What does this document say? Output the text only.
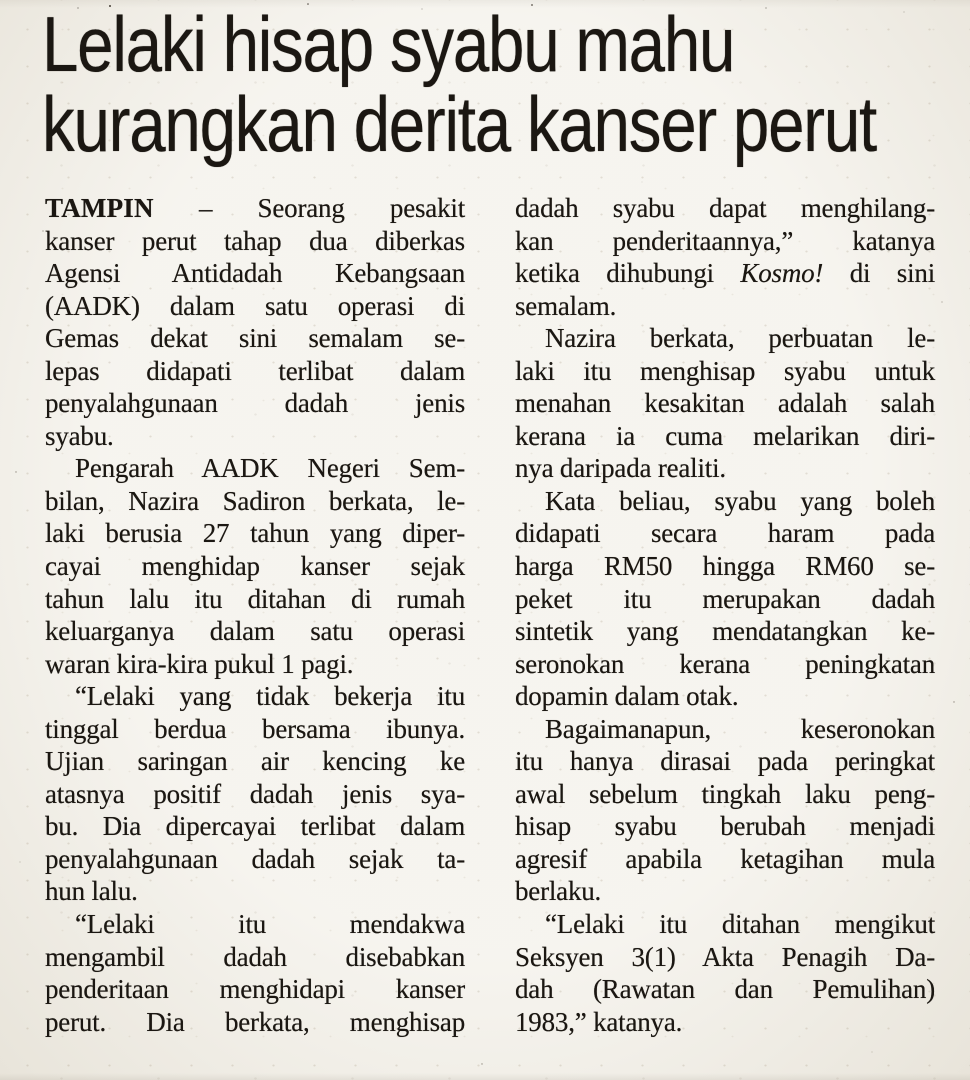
Lelaki hisap syabu mahu
kurangkan derita kanser perut
TAMPIN – Seorang pesakit
kanser perut tahap dua diberkas
Agensi Antidadah Kebangsaan
(AADK) dalam satu operasi di
Gemas dekat sini semalam se-
lepas didapati terlibat dalam
penyalahgunaan dadah jenis
syabu.
Pengarah AADK Negeri Sem-
bilan, Nazira Sadiron berkata, le-
laki berusia 27 tahun yang diper-
cayai menghidap kanser sejak
tahun lalu itu ditahan di rumah
keluarganya dalam satu operasi
waran kira-kira pukul 1 pagi.
“Lelaki yang tidak bekerja itu
tinggal berdua bersama ibunya.
Ujian saringan air kencing ke
atasnya positif dadah jenis sya-
bu. Dia dipercayai terlibat dalam
penyalahgunaan dadah sejak ta-
hun lalu.
“Lelaki itu mendakwa
mengambil dadah disebabkan
penderitaan menghidapi kanser
perut. Dia berkata, menghisap
dadah syabu dapat menghilang-
kan penderitaannya,” katanya
ketika dihubungi Kosmo! di sini
semalam.
Nazira berkata, perbuatan le-
laki itu menghisap syabu untuk
menahan kesakitan adalah salah
kerana ia cuma melarikan diri-
nya daripada realiti.
Kata beliau, syabu yang boleh
didapati secara haram pada
harga RM50 hingga RM60 se-
peket itu merupakan dadah
sintetik yang mendatangkan ke-
seronokan kerana peningkatan
dopamin dalam otak.
Bagaimanapun, keseronokan
itu hanya dirasai pada peringkat
awal sebelum tingkah laku peng-
hisap syabu berubah menjadi
agresif apabila ketagihan mula
berlaku.
“Lelaki itu ditahan mengikut
Seksyen 3(1) Akta Penagih Da-
dah (Rawatan dan Pemulihan)
1983,” katanya.
